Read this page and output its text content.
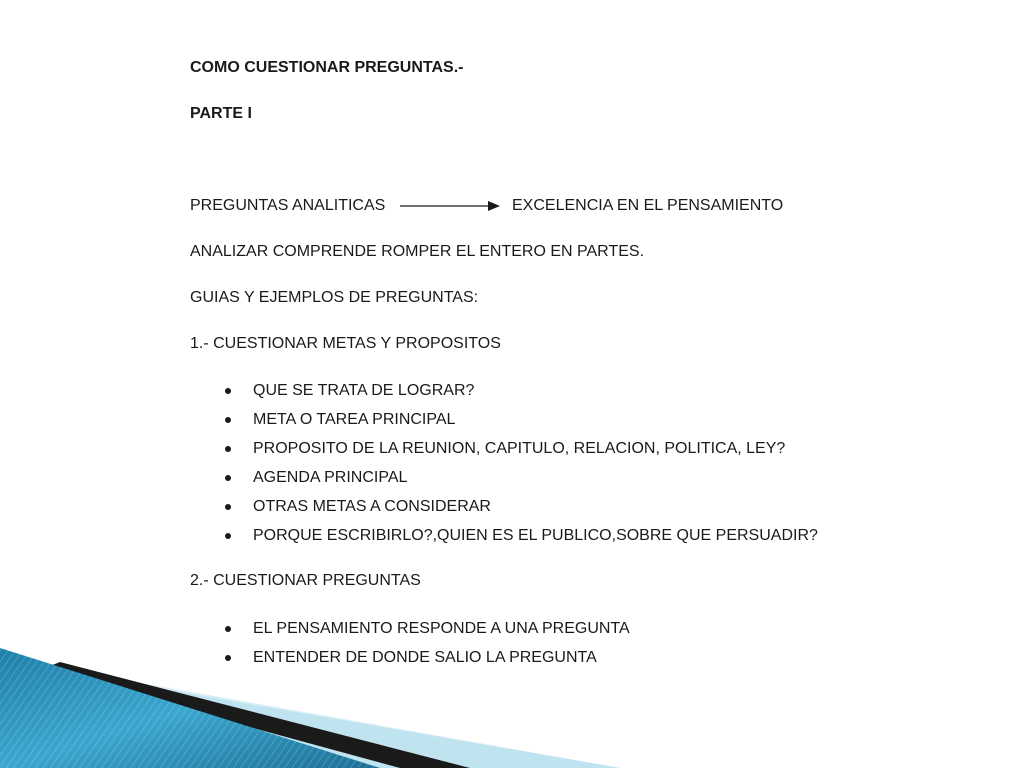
COMO CUESTIONAR PREGUNTAS.-
PARTE I
PREGUNTAS ANALITICAS	EXCELENCIA EN EL PENSAMIENTO
ANALIZAR COMPRENDE ROMPER EL ENTERO EN PARTES.
GUIAS Y EJEMPLOS DE PREGUNTAS:
1.- CUESTIONAR METAS Y PROPOSITOS
QUE SE TRATA DE LOGRAR?
META O TAREA PRINCIPAL
PROPOSITO DE LA REUNION, CAPITULO, RELACION, POLITICA, LEY?
AGENDA PRINCIPAL
OTRAS METAS A CONSIDERAR
PORQUE ESCRIBIRLO?,QUIEN ES EL PUBLICO,SOBRE QUE PERSUADIR?
2.- CUESTIONAR PREGUNTAS
EL PENSAMIENTO RESPONDE A UNA PREGUNTA
ENTENDER DE DONDE SALIO LA PREGUNTA
